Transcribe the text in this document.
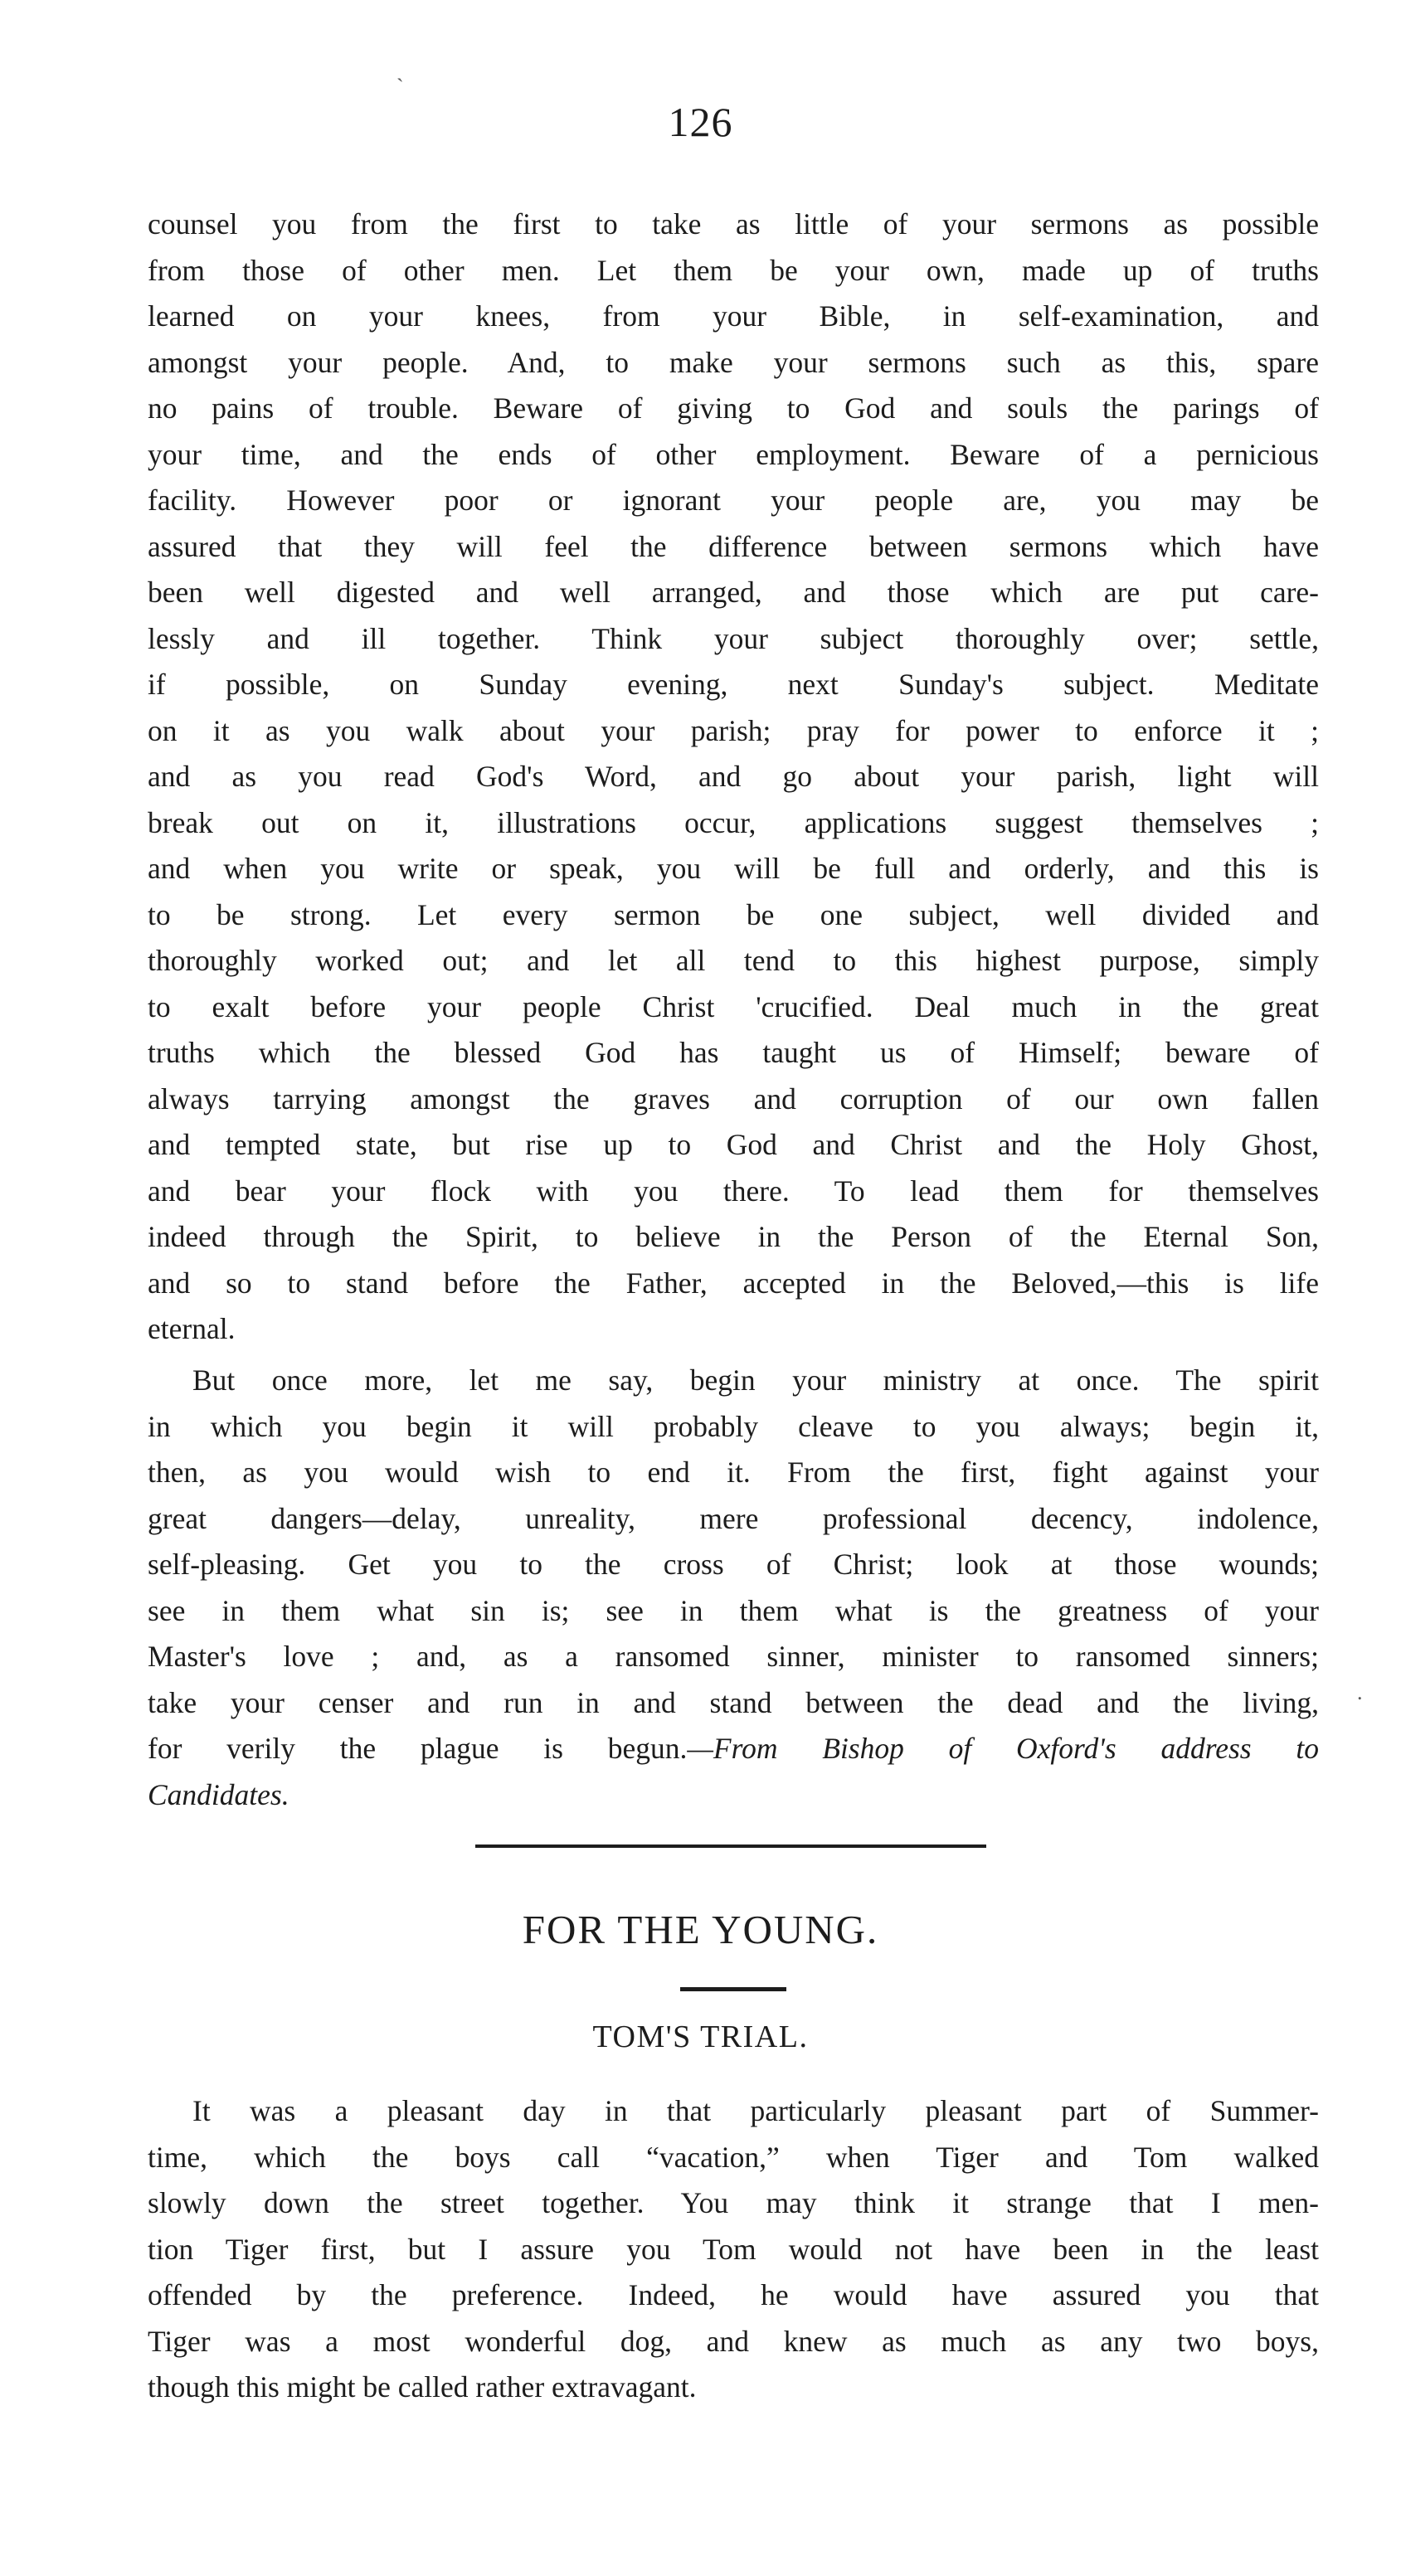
`
.
126
counsel you from the first to take as little of your sermons as possible
from those of other men. Let them be your own, made up of truths
learned on your knees, from your Bible, in self-examination, and
amongst your people. And, to make your sermons such as this, spare
no pains of trouble. Beware of giving to God and souls the parings of
your time, and the ends of other employment. Beware of a pernicious
facility. However poor or ignorant your people are, you may be
assured that they will feel the difference between sermons which have
been well digested and well arranged, and those which are put care-
lessly and ill together. Think your subject thoroughly over; settle,
if possible, on Sunday evening, next Sunday's subject. Meditate
on it as you walk about your parish; pray for power to enforce it ;
and as you read God's Word, and go about your parish, light will
break out on it, illustrations occur, applications suggest themselves ;
and when you write or speak, you will be full and orderly, and this is
to be strong. Let every sermon be one subject, well divided and
thoroughly worked out; and let all tend to this highest purpose, simply
to exalt before your people Christ 'crucified. Deal much in the great
truths which the blessed God has taught us of Himself; beware of
always tarrying amongst the graves and corruption of our own fallen
and tempted state, but rise up to God and Christ and the Holy Ghost,
and bear your flock with you there. To lead them for themselves
indeed through the Spirit, to believe in the Person of the Eternal Son,
and so to stand before the Father, accepted in the Beloved,—this is life
eternal.
But once more, let me say, begin your ministry at once. The spirit
in which you begin it will probably cleave to you always; begin it,
then, as you would wish to end it. From the first, fight against your
great dangers—delay, unreality, mere professional decency, indolence,
self-pleasing. Get you to the cross of Christ; look at those wounds;
see in them what sin is; see in them what is the greatness of your
Master's love ; and, as a ransomed sinner, minister to ransomed sinners;
take your censer and run in and stand between the dead and the living,
for verily the plague is begun.—From Bishop of Oxford's address to
Candidates.
FOR THE YOUNG.
TOM'S TRIAL.
It was a pleasant day in that particularly pleasant part of Summer-
time, which the boys call “vacation,” when Tiger and Tom walked
slowly down the street together. You may think it strange that I men-
tion Tiger first, but I assure you Tom would not have been in the least
offended by the preference. Indeed, he would have assured you that
Tiger was a most wonderful dog, and knew as much as any two boys,
though this might be called rather extravagant.
